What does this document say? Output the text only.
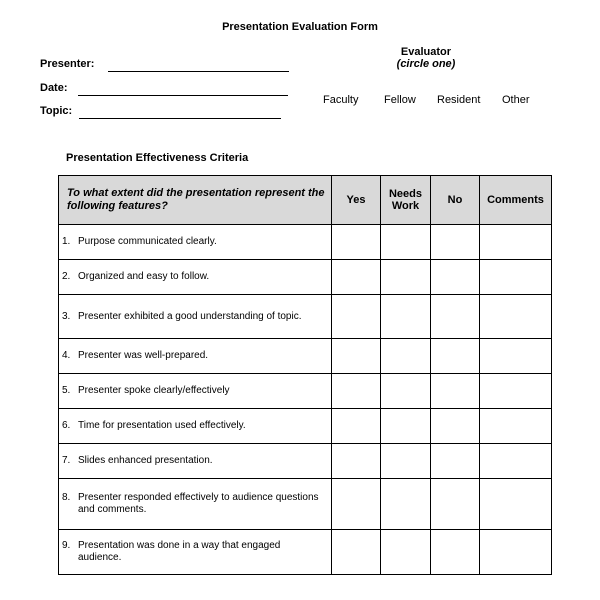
Presentation Evaluation Form
Presenter:
Date:
Topic:
Evaluator
(circle one)
Faculty Fellow Resident Other
Presentation Effectiveness Criteria
To what extent did the presentation represent the following features?	Yes	Needs Work	No	Comments

1. Purpose communicated clearly.				

2. Organized and easy to follow.				

3. Presenter exhibited a good understanding of topic.				

4. Presenter was well-prepared.				

5. Presenter spoke clearly/effectively				

6. Time for presentation used effectively.				

7. Slides enhanced presentation.				

8. Presenter responded effectively to audience questions and comments.				

9. Presentation was done in a way that engaged audience.				
